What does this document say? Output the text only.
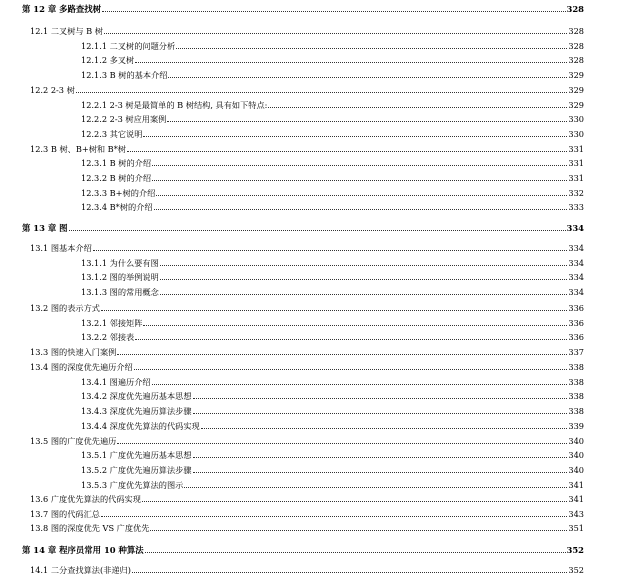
第 12 章 多路查找树	328
12.1 二叉树与 B 树	328
12.1.1 二叉树的问题分析	328
12.1.2 多叉树	328
12.1.3 B 树的基本介绍	329
12.2 2-3 树	329
12.2.1 2-3 树是最简单的 B 树结构, 具有如下特点:	329
12.2.2 2-3 树应用案例	330
12.2.3 其它说明	330
12.3 B 树、B+树和 B*树	331
12.3.1 B 树的介绍	331
12.3.2 B 树的介绍	331
12.3.3 B+树的介绍	332
12.3.4 B*树的介绍	333
第 13 章 图	334
13.1 图基本介绍	334
13.1.1 为什么要有图	334
13.1.2 图的举例说明	334
13.1.3 图的常用概念	334
13.2 图的表示方式	336
13.2.1 邻接矩阵	336
13.2.2 邻接表	336
13.3 图的快速入门案例	337
13.4 图的深度优先遍历介绍	338
13.4.1 图遍历介绍	338
13.4.2 深度优先遍历基本思想	338
13.4.3 深度优先遍历算法步骤	338
13.4.4 深度优先算法的代码实现	339
13.5 图的广度优先遍历	340
13.5.1 广度优先遍历基本思想	340
13.5.2 广度优先遍历算法步骤	340
13.5.3 广度优先算法的图示	341
13.6 广度优先算法的代码实现	341
13.7 图的代码汇总	343
13.8 图的深度优先 VS 广度优先	351
第 14 章 程序员常用 10 种算法	352
14.1 二分查找算法(非递归)	352
